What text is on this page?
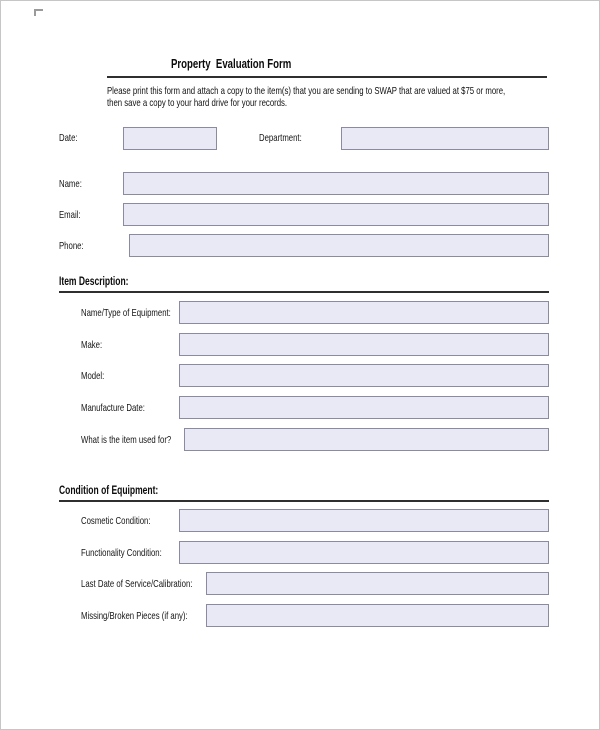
Property  Evaluation Form
Please print this form and attach a copy to the item(s) that you are sending to SWAP that are valued at $75 or more,
then save a copy to your hard drive for your records.
Date:	Department:
Name:
Email:
Phone:
Item Description:
Name/Type of Equipment:
Make:
Model:
Manufacture Date:
What is the item used for?
Condition of Equipment:
Cosmetic Condition:
Functionality Condition:
Last Date of Service/Calibration:
Missing/Broken Pieces (if any):
